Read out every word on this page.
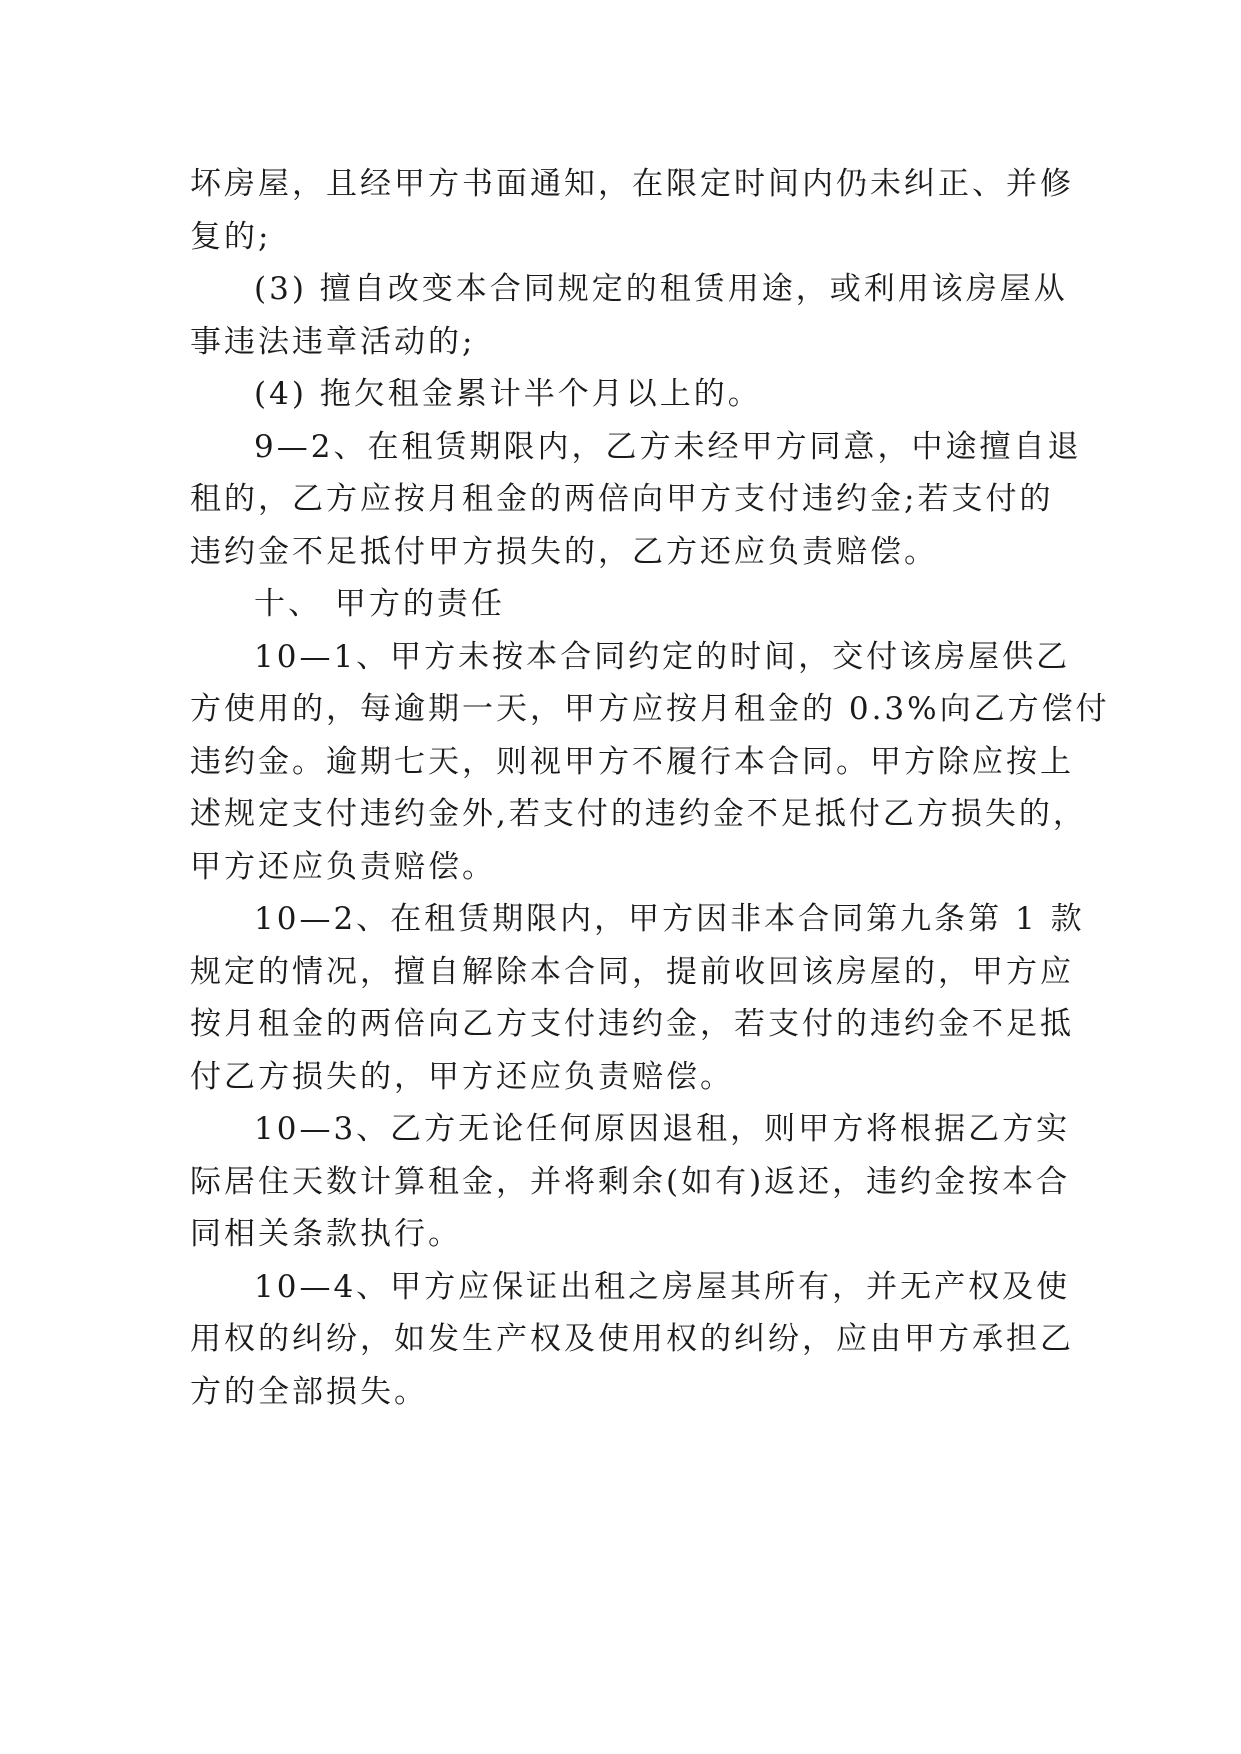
坏房屋，且经甲方书面通知，在限定时间内仍未纠正、并修
复的;
(3) 擅自改变本合同规定的租赁用途，或利用该房屋从
事违法违章活动的;
(4) 拖欠租金累计半个月以上的。
9—2、在租赁期限内，乙方未经甲方同意，中途擅自退
租的，乙方应按月租金的两倍向甲方支付违约金;若支付的
违约金不足抵付甲方损失的，乙方还应负责赔偿。
十、 甲方的责任
10—1、甲方未按本合同约定的时间，交付该房屋供乙
方使用的，每逾期一天，甲方应按月租金的 0.3%向乙方偿付
违约金。逾期七天，则视甲方不履行本合同。甲方除应按上
述规定支付违约金外,若支付的违约金不足抵付乙方损失的，
甲方还应负责赔偿。
10—2、在租赁期限内，甲方因非本合同第九条第 1 款
规定的情况，擅自解除本合同，提前收回该房屋的，甲方应
按月租金的两倍向乙方支付违约金，若支付的违约金不足抵
付乙方损失的，甲方还应负责赔偿。
10—3、乙方无论任何原因退租，则甲方将根据乙方实
际居住天数计算租金，并将剩余(如有)返还，违约金按本合
同相关条款执行。
10—4、甲方应保证出租之房屋其所有，并无产权及使
用权的纠纷，如发生产权及使用权的纠纷，应由甲方承担乙
方的全部损失。
